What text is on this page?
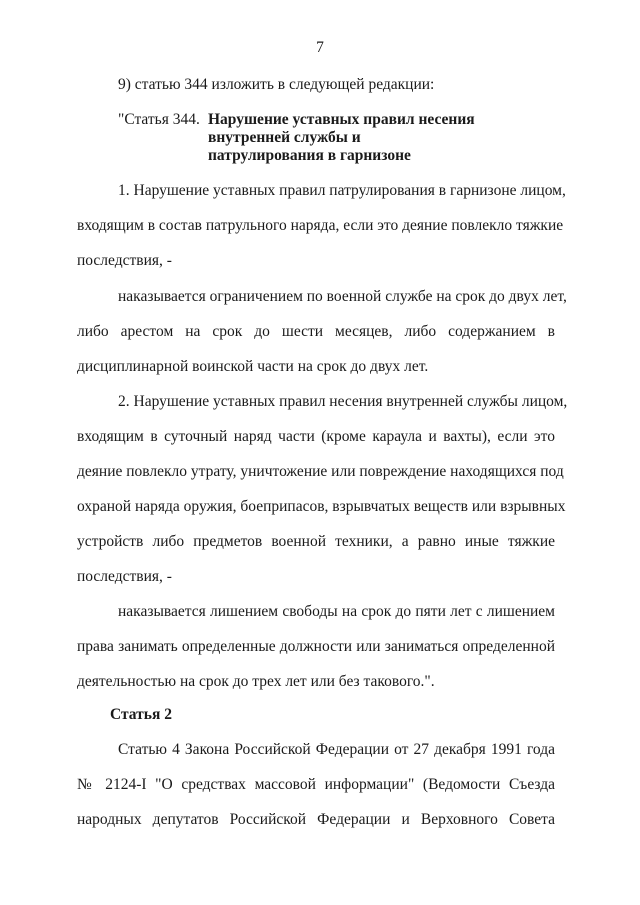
7
9) статью 344 изложить в следующей редакции:
"Статья 344. Нарушение уставных правил несения
внутренней службы и
патрулирования в гарнизоне
1. Нарушение уставных правил патрулирования в гарнизоне лицом,
входящим в состав патрульного наряда, если это деяние повлекло тяжкие
последствия, -
наказывается ограничением по военной службе на срок до двух лет,
либо арестом на срок до шести месяцев, либо содержанием в
дисциплинарной воинской части на срок до двух лет.
2. Нарушение уставных правил несения внутренней службы лицом,
входящим в суточный наряд части (кроме караула и вахты), если это
деяние повлекло утрату, уничтожение или повреждение находящихся под
охраной наряда оружия, боеприпасов, взрывчатых веществ или взрывных
устройств либо предметов военной техники, а равно иные тяжкие
последствия, -
наказывается лишением свободы на срок до пяти лет с лишением
права занимать определенные должности или заниматься определенной
деятельностью на срок до трех лет или без такового.".
Статья 2
Статью 4 Закона Российской Федерации от 27 декабря 1991 года
№ 2124-I "О средствах массовой информации" (Ведомости Съезда
народных депутатов Российской Федерации и Верховного Совета
